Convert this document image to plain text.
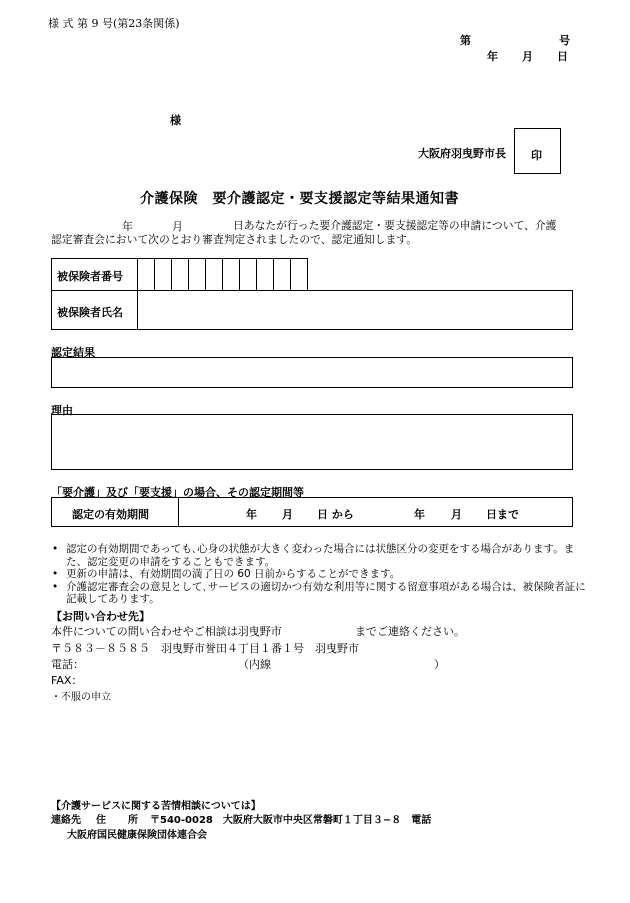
様 式 第 9 号(第23条関係)
第	号
年 月 日
様
大阪府羽曳野市長 印
介護保険　要介護認定・要支援認定等結果通知書
年	月	日あなたが行った要介護認定・要支援認定等の申請について、介護
認定審査会において次のとおり審査判定されましたので、認定通知します。
被保険者番号
被保険者氏名
認定結果
理由
「要介護」及び「要支援」の場合、その認定期間等
認定の有効期間	年 月 日 から	年 月 日まで
• 認定の有効期間であっても､心身の状態が大きく変わった場合には状態区分の変更をする場合があります。また、認定変更の申請をすることもできます。
• 更新の申請は、有効期間の満了日の 60 日前からすることができます。
• 介護認定審査会の意見として､サービスの適切かつ有効な利用等に関する留意事項がある場合は、被保険者証に記載してあります。
【お問い合わせ先】
本件についての問い合わせやご相談は羽曳野市	までご連絡ください。
〒５８３－８５８５　羽曳野市誉田４丁目１番１号　羽曳野市
電話：	（内線	）
FAX：
・不服の申立
【介護サービスに関する苦情相談については】
連絡先 住 所 〒540-0028　大阪府大阪市中央区常磐町１丁目３−８　電話
大阪府国民健康保険団体連合会
